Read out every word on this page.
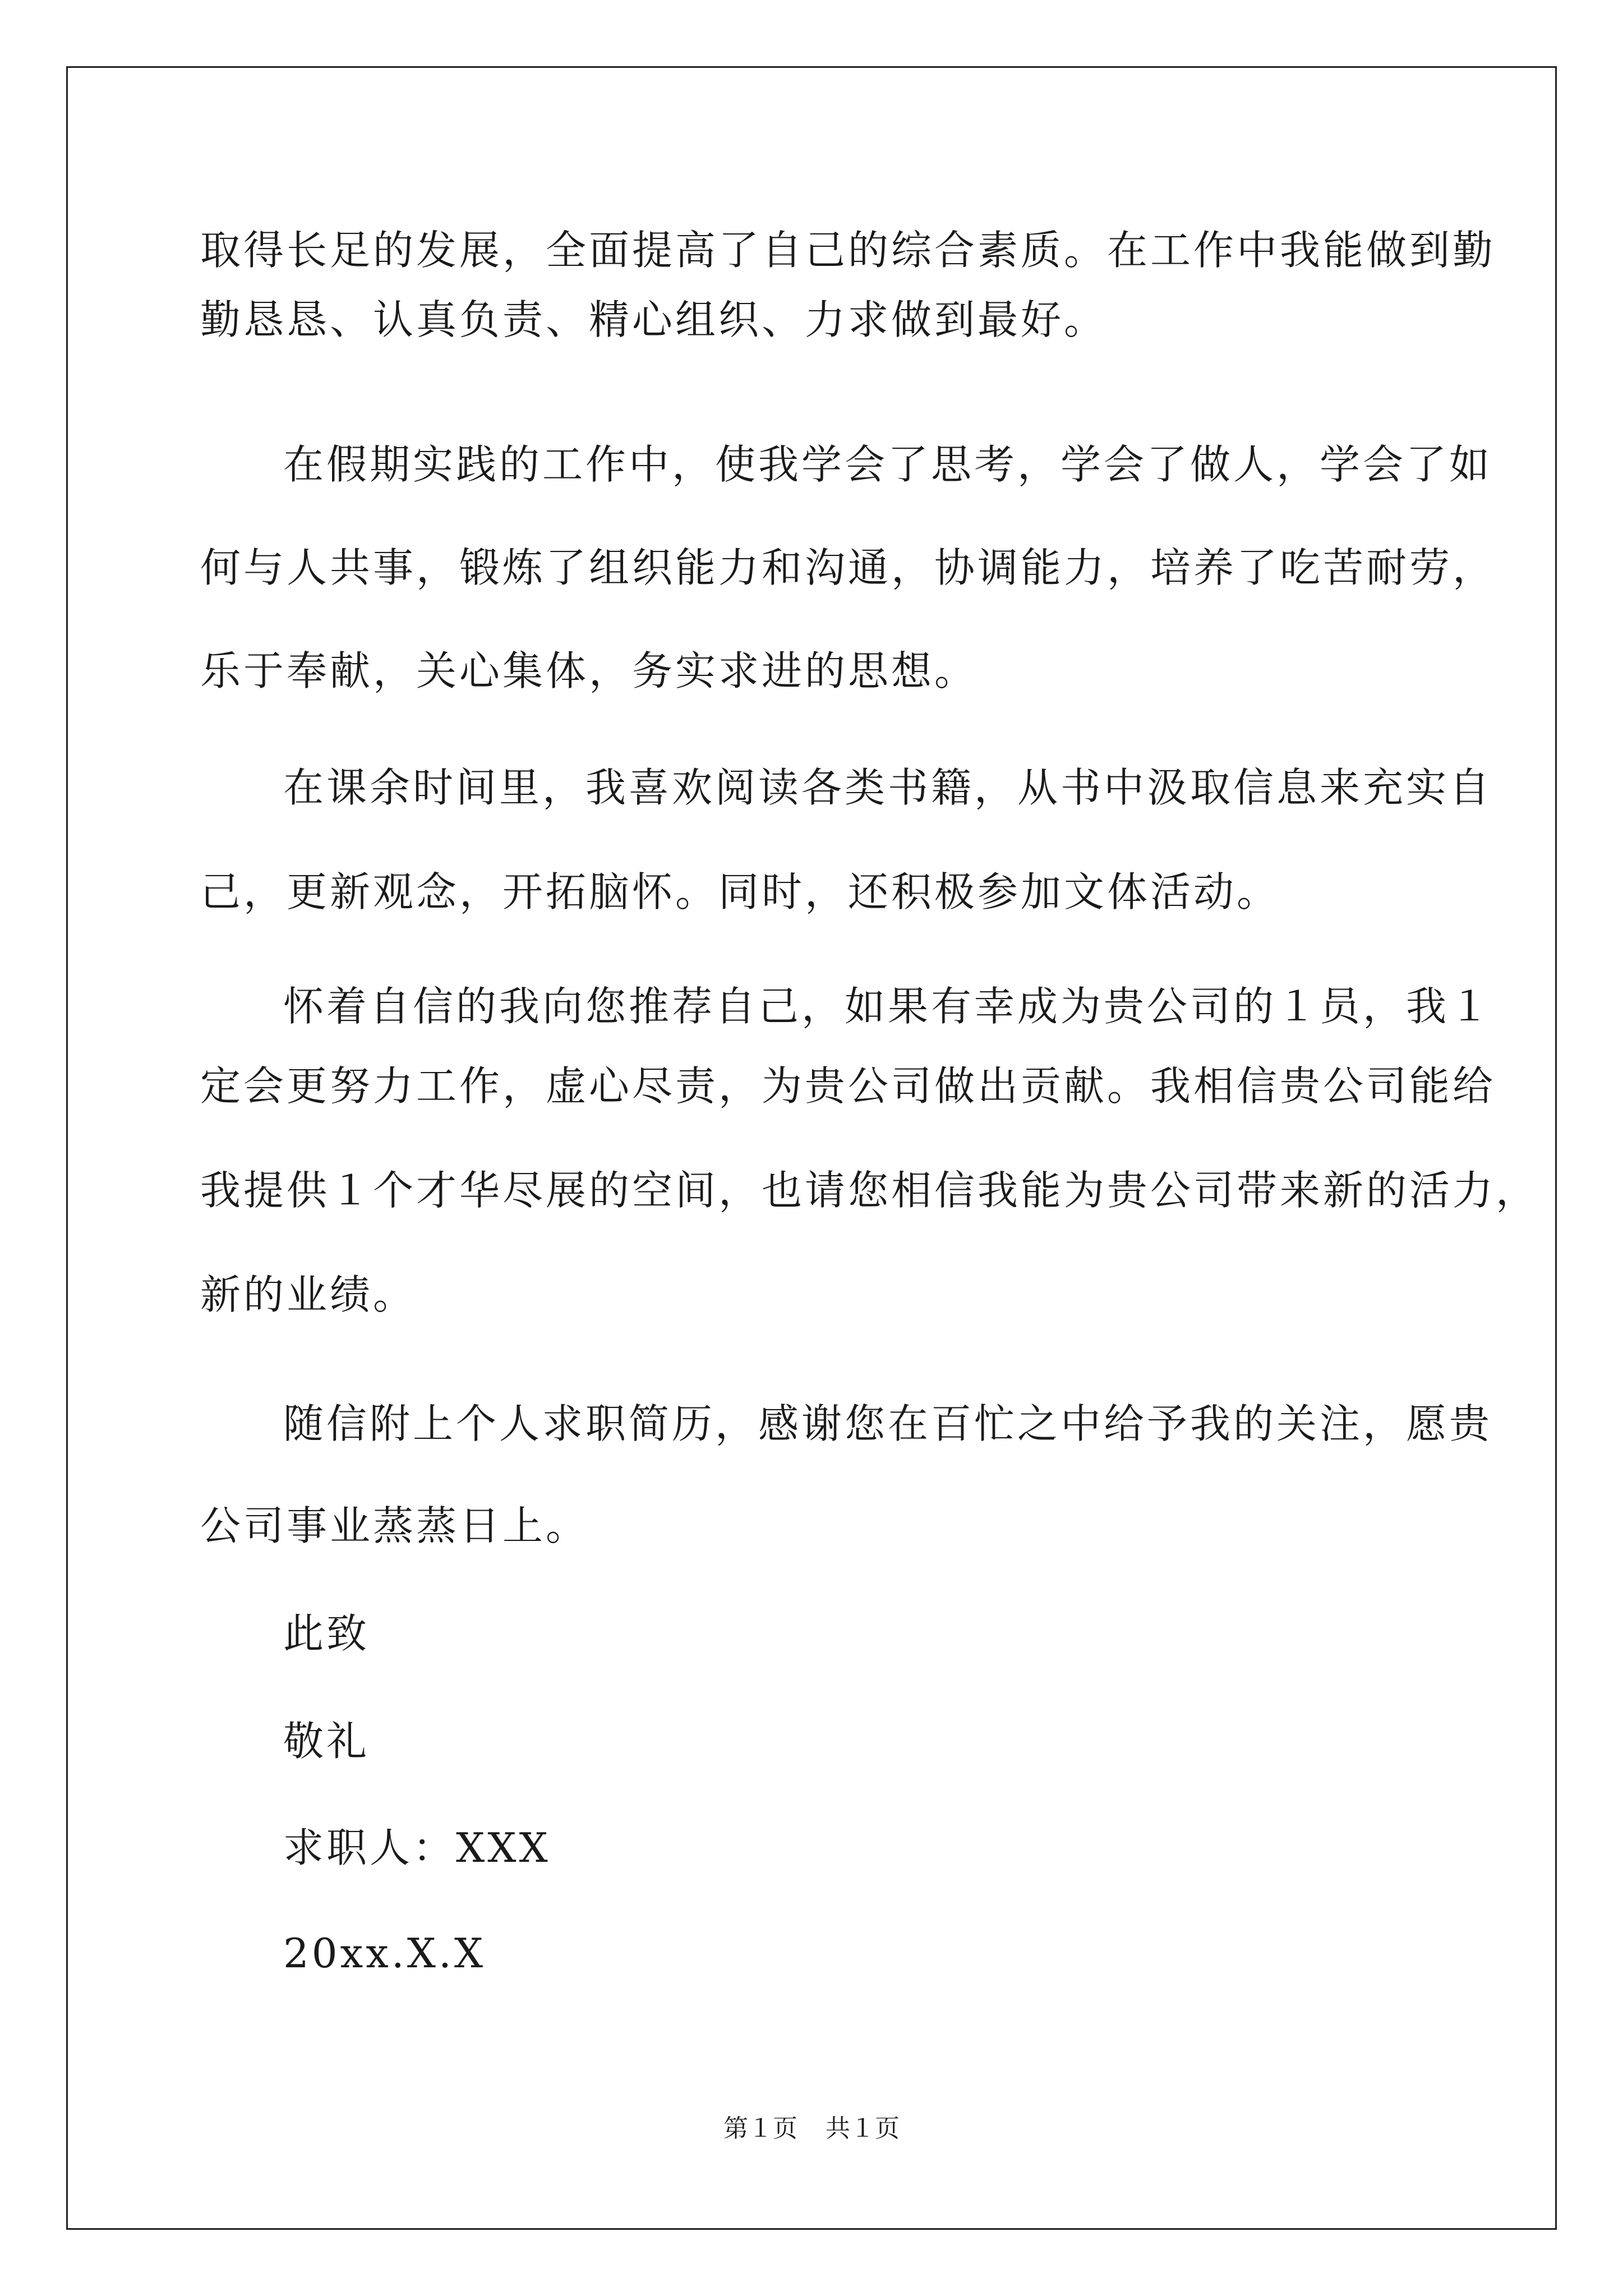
取得长足的发展，全面提高了自己的综合素质。在工作中我能做到勤
勤恳恳、认真负责、精心组织、力求做到最好。
在假期实践的工作中，使我学会了思考，学会了做人，学会了如
何与人共事，锻炼了组织能力和沟通，协调能力，培养了吃苦耐劳，
乐于奉献，关心集体，务实求进的思想。
在课余时间里，我喜欢阅读各类书籍，从书中汲取信息来充实自
己，更新观念，开拓脑怀。同时，还积极参加文体活动。
怀着自信的我向您推荐自己，如果有幸成为贵公司的１员，我１
定会更努力工作，虚心尽责，为贵公司做出贡献。我相信贵公司能给
我提供１个才华尽展的空间，也请您相信我能为贵公司带来新的活力，
新的业绩。
随信附上个人求职简历，感谢您在百忙之中给予我的关注，愿贵
公司事业蒸蒸日上。
此致
敬礼
求职人：XXX
20xx.X.X
第１页 共１页
